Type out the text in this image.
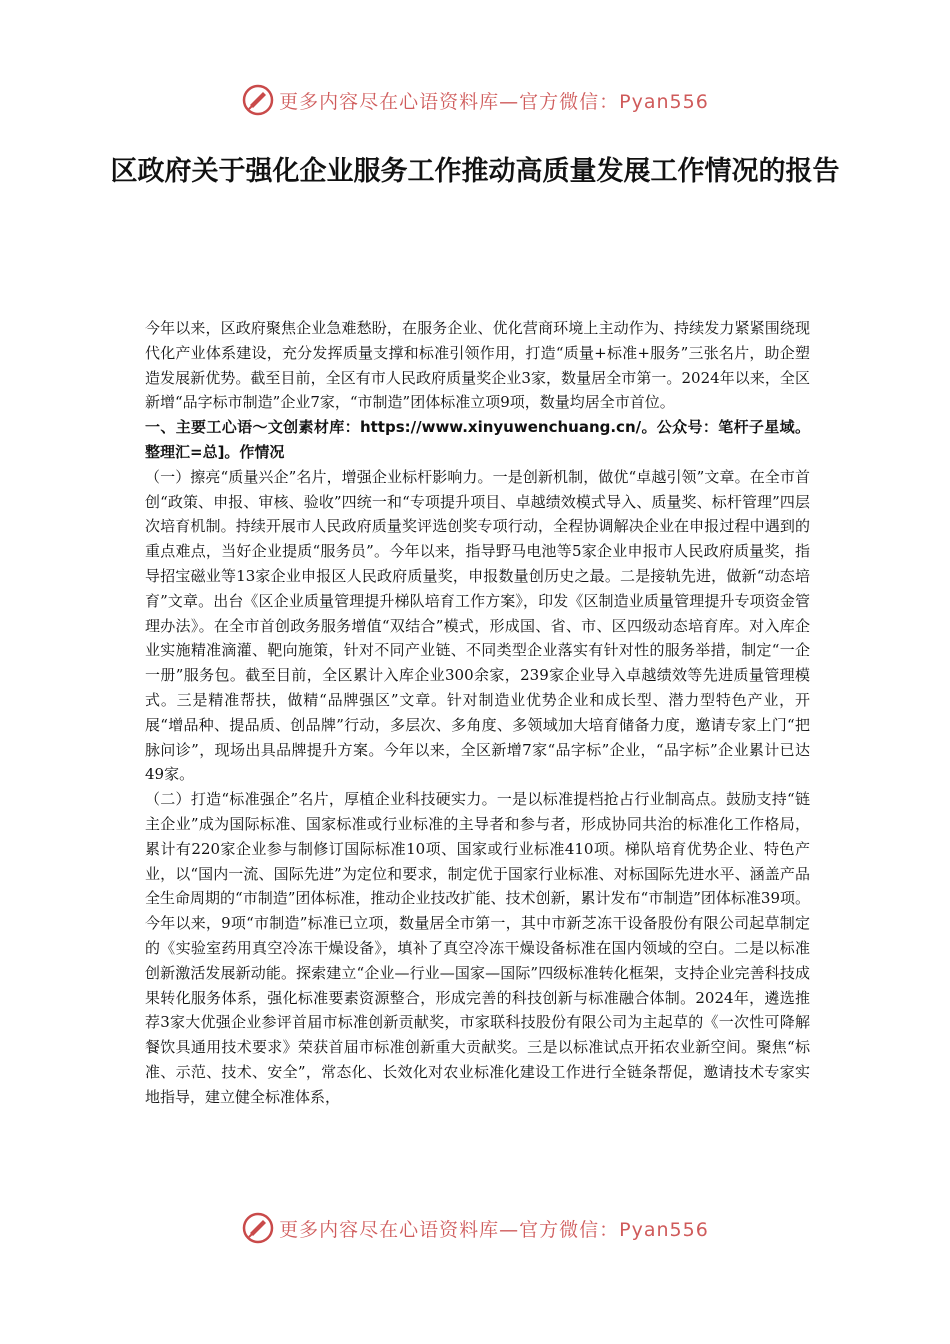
更多内容尽在心语资料库—官方微信：Pyan556
区政府关于强化企业服务工作推动高质量发展工作情况的报告

今年以来，区政府聚焦企业急难愁盼，在服务企业、优化营商环境上主动作为、持续发力紧紧围绕现代化产业体系建设，充分发挥质量支撑和标准引领作用，打造“质量+标准+服务”三张名片，助企塑造发展新优势。截至目前，全区有市人民政府质量奖企业3家，数量居全市第一。2024年以来，全区新增“品字标市制造”企业7家，“市制造”团体标准立项9项，数量均居全市首位。

一、主要工心语～文创素材库：https://www.xinyuwenchuang.cn/。公众号：笔杆子星域。整理汇=总]。作情况

（一）擦亮“质量兴企”名片，增强企业标杆影响力。一是创新机制，做优“卓越引领”文章。在全市首创“政策、申报、审核、验收”四统一和“专项提升项目、卓越绩效模式导入、质量奖、标杆管理”四层次培育机制。持续开展市人民政府质量奖评选创奖专项行动，全程协调解决企业在申报过程中遇到的重点难点，当好企业提质“服务员”。今年以来，指导野马电池等5家企业申报市人民政府质量奖，指导招宝磁业等13家企业申报区人民政府质量奖，申报数量创历史之最。二是接轨先进，做新“动态培育”文章。出台《区企业质量管理提升梯队培育工作方案》，印发《区制造业质量管理提升专项资金管理办法》。在全市首创政务服务增值“双结合”模式，形成国、省、市、区四级动态培育库。对入库企业实施精准滴灌、靶向施策，针对不同产业链、不同类型企业落实有针对性的服务举措，制定“一企一册”服务包。截至目前，全区累计入库企业300余家，239家企业导入卓越绩效等先进质量管理模式。三是精准帮扶，做精“品牌强区”文章。针对制造业优势企业和成长型、潜力型特色产业，开展“增品种、提品质、创品牌”行动，多层次、多角度、多领域加大培育储备力度，邀请专家上门“把脉问诊”，现场出具品牌提升方案。今年以来，全区新增7家“品字标”企业，“品字标”企业累计已达49家。

（二）打造“标准强企”名片，厚植企业科技硬实力。一是以标准提档抢占行业制高点。鼓励支持“链主企业”成为国际标准、国家标准或行业标准的主导者和参与者，形成协同共治的标准化工作格局，累计有220家企业参与制修订国际标准10项、国家或行业标准410项。梯队培育优势企业、特色产业，以“国内一流、国际先进”为定位和要求，制定优于国家行业标准、对标国际先进水平、涵盖产品全生命周期的“市制造”团体标准，推动企业技改扩能、技术创新，累计发布“市制造”团体标准39项。今年以来，9项“市制造”标准已立项，数量居全市第一，其中市新芝冻干设备股份有限公司起草制定的《实验室药用真空冷冻干燥设备》，填补了真空冷冻干燥设备标准在国内领域的空白。二是以标准创新激活发展新动能。探索建立“企业—行业—国家—国际”四级标准转化框架，支持企业完善科技成果转化服务体系，强化标准要素资源整合，形成完善的科技创新与标准融合体制。2024年，遴选推荐3家大优强企业参评首届市标准创新贡献奖，市家联科技股份有限公司为主起草的《一次性可降解餐饮具通用技术要求》荣获首届市标准创新重大贡献奖。三是以标准试点开拓农业新空间。聚焦“标准、示范、技术、安全”，常态化、长效化对农业标准化建设工作进行全链条帮促，邀请技术专家实地指导，建立健全标准体系，

更多内容尽在心语资料库—官方微信：Pyan556
